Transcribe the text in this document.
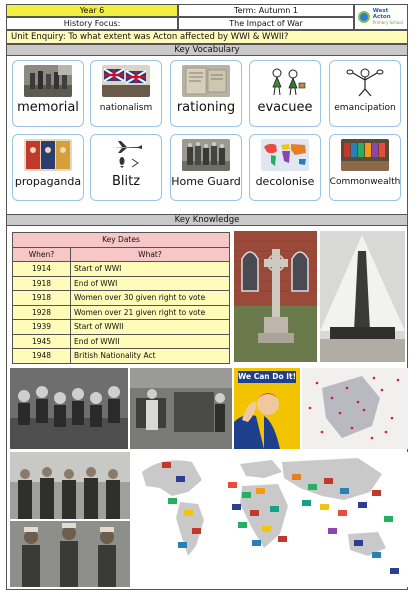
Year 6	Term: Autumn 1
History Focus:	The Impact of War
West Acton
Primary School
Unit Enquiry: To what extent was Acton affected by WWI & WWII?
Key Vocabulary
memorial nationalism rationing evacuee emancipation
propaganda Blitz	Home Guard decolonise Commonwealth
Key Knowledge
Key Dates	
When?	What?
1914	Start of WWI
1918	End of WWI
1918	Women over 30 given right to vote
1928	Women over 21 given right to vote
1939	Start of WWII
1945	End of WWII
1948	British Nationality Act
We Can Do It!
